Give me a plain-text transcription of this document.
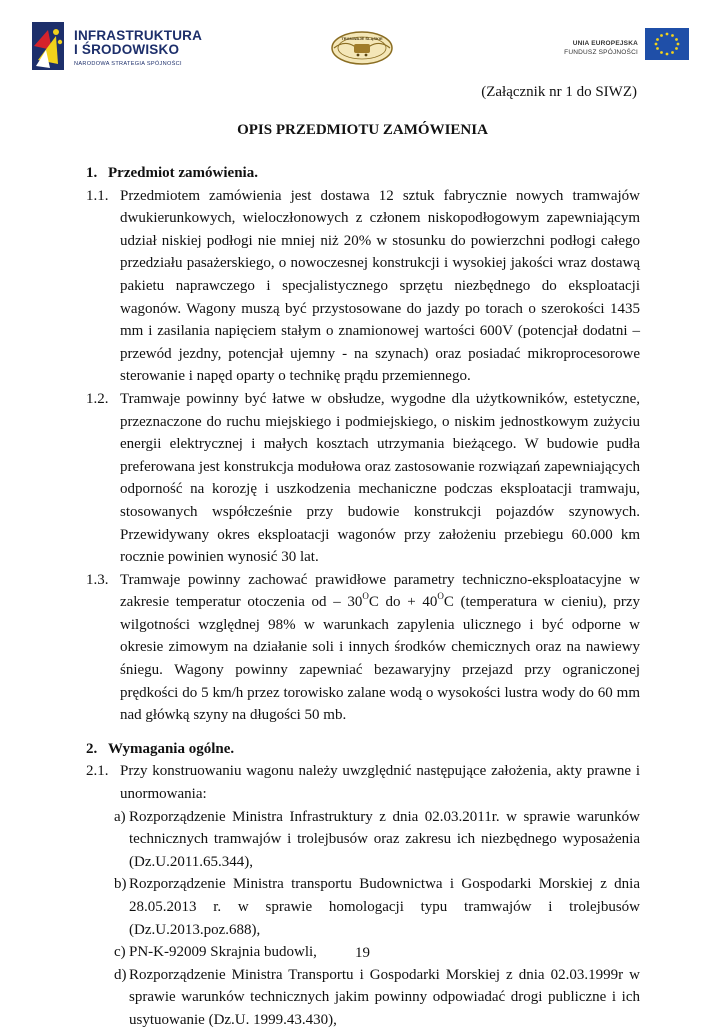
INFRASTRUKTURA
I ŚRODOWISKO
NARODOWA STRATEGIA SPÓJNOŚCI
TRAMWAJE ŚLĄSKIE
UNIA EUROPEJSKA
FUNDUSZ SPÓJNOŚCI
(Załącznik nr 1 do SIWZ)
OPIS PRZEDMIOTU ZAMÓWIENIA
1. Przedmiot zamówienia.
1.1. Przedmiotem zamówienia jest dostawa 12 sztuk fabrycznie nowych tramwajów dwukierunkowych, wieloczłonowych z członem niskopodłogowym zapewniającym udział niskiej podłogi nie mniej niż 20% w stosunku do powierzchni podłogi całego przedziału pasażerskiego, o nowoczesnej konstrukcji i wysokiej jakości wraz dostawą pakietu naprawczego i specjalistycznego sprzętu niezbędnego do eksploatacji wagonów. Wagony muszą być przystosowane do jazdy po torach o szerokości 1435 mm i zasilania napięciem stałym o znamionowej wartości 600V (potencjał dodatni – przewód jezdny, potencjał ujemny - na szynach) oraz posiadać mikroprocesorowe sterowanie i napęd oparty o technikę prądu przemiennego.
1.2. Tramwaje powinny być łatwe w obsłudze, wygodne dla użytkowników, estetyczne, przeznaczone do ruchu miejskiego i podmiejskiego, o niskim jednostkowym zużyciu energii elektrycznej i małych kosztach utrzymania bieżącego. W budowie pudła preferowana jest konstrukcja modułowa oraz zastosowanie rozwiązań zapewniających odporność na korozję i uszkodzenia mechaniczne podczas eksploatacji tramwaju, stosowanych współcześnie przy budowie konstrukcji pojazdów szynowych. Przewidywany okres eksploatacji wagonów przy założeniu przebiegu 60.000 km rocznie powinien wynosić 30 lat.
1.3. Tramwaje powinny zachować prawidłowe parametry techniczno-eksploatacyjne w zakresie temperatur otoczenia od – $30^OC$ do + $40^OC$ (temperatura w cieniu), przy wilgotności względnej 98% w warunkach zapylenia ulicznego i być odporne w okresie zimowym na działanie soli i innych środków chemicznych oraz na nawiewy śniegu. Wagony powinny zapewniać bezawaryjny przejazd przy ograniczonej prędkości do 5 km/h przez torowisko zalane wodą o wysokości lustra wody do 60 mm nad główką szyny na długości 50 mb.
2. Wymagania ogólne.
2.1. Przy konstruowaniu wagonu należy uwzględnić następujące założenia, akty prawne i unormowania:
a) Rozporządzenie Ministra Infrastruktury z dnia 02.03.2011r. w sprawie warunków technicznych tramwajów i trolejbusów oraz zakresu ich niezbędnego wyposażenia (Dz.U.2011.65.344),
b) Rozporządzenie Ministra transportu Budownictwa i Gospodarki Morskiej z dnia 28.05.2013 r. w sprawie homologacji typu tramwajów i trolejbusów (Dz.U.2013.poz.688),
c) PN-K-92009 Skrajnia budowli,
d) Rozporządzenie Ministra Transportu i Gospodarki Morskiej z dnia 02.03.1999r w sprawie warunków technicznych jakim powinny odpowiadać drogi publiczne i ich usytuowanie (Dz.U. 1999.43.430),
19
